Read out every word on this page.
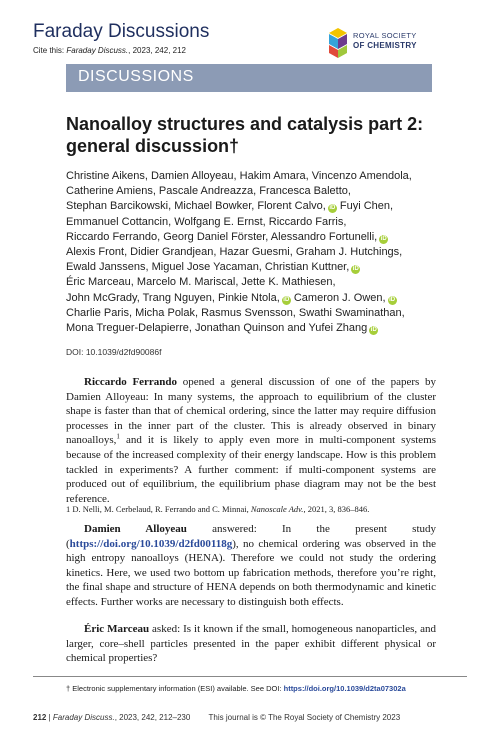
Faraday Discussions
Cite this: Faraday Discuss., 2023, 242, 212
ROYAL SOCIETY
OF CHEMISTRY
DISCUSSIONS
Nanoalloy structures and catalysis part 2: general discussion†
Christine Aikens, Damien Alloyeau, Hakim Amara, Vincenzo Amendola,
Catherine Amiens, Pascale Andreazza, Francesca Baletto,
Stephan Barcikowski, Michael Bowker, Florent Calvo, iD Fuyi Chen,
Emmanuel Cottancin, Wolfgang E. Ernst, Riccardo Farris,
Riccardo Ferrando, Georg Daniel Förster, Alessandro Fortunelli, iD
Alexis Front, Didier Grandjean, Hazar Guesmi, Graham J. Hutchings,
Ewald Janssens, Miguel Jose Yacaman, Christian Kuttner, iD
Éric Marceau, Marcelo M. Mariscal, Jette K. Mathiesen,
John McGrady, Trang Nguyen, Pinkie Ntola, iD Cameron J. Owen, iD
Charlie Paris, Micha Polak, Rasmus Svensson, Swathi Swaminathan,
Mona Treguer-Delapierre, Jonathan Quinson and Yufei Zhang iD
DOI: 10.1039/d2fd90086f

Riccardo Ferrando opened a general discussion of one of the papers by Damien Alloyeau: In many systems, the approach to equilibrium of the cluster shape is faster than that of chemical ordering, since the latter may require diffusion processes in the inner part of the cluster. This is already observed in binary nanoalloys,$^1$ and it is likely to apply even more in multi-component systems because of the increased complexity of their energy landscape. How is this problem tackled in experiments? A further comment: if multi-component systems are produced out of equilibrium, the equilibrium phase diagram may not be the best reference.

1 D. Nelli, M. Cerbelaud, R. Ferrando and C. Minnai, Nanoscale Adv., 2021, 3, 836–846.

Damien Alloyeau answered: In the present study (https://doi.org/10.1039/d2fd00118g), no chemical ordering was observed in the high entropy nanoalloys (HENA). Therefore we could not study the ordering kinetics. Here, we used two bottom up fabrication methods, therefore you’re right, the final shape and structure of HENA depends on both thermodynamic and kinetic effects. Further works are necessary to distinguish both effects.

Éric Marceau asked: Is it known if the small, homogeneous nanoparticles, and larger, core–shell particles presented in the paper exhibit different physical or chemical properties?

† Electronic supplementary information (ESI) available. See DOI: https://doi.org/10.1039/d2ta07302a
212 | Faraday Discuss., 2023, 242, 212–230 This journal is © The Royal Society of Chemistry 2023
